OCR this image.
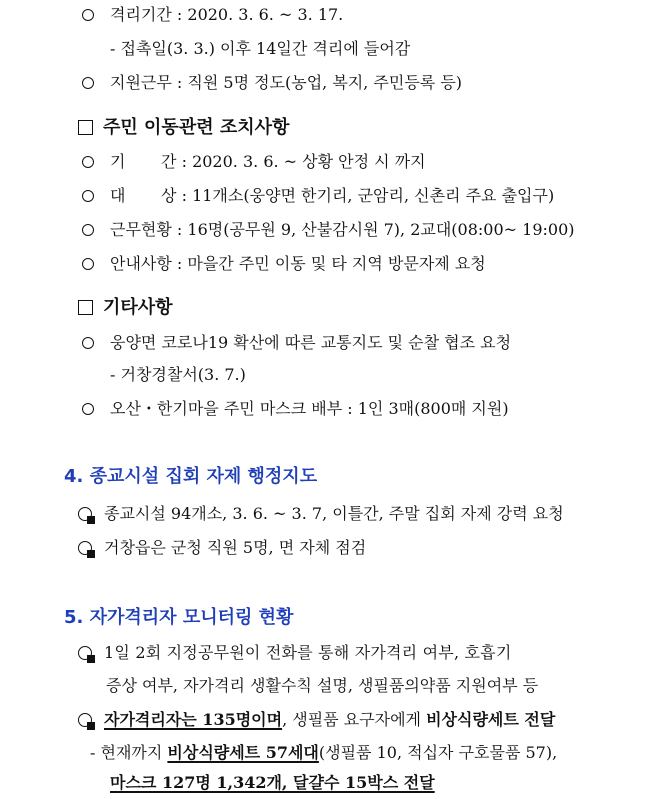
격리기간 : 2020. 3. 6. ~ 3. 17.
- 접촉일(3. 3.) 이후 14일간 격리에 들어감
지원근무 : 직원 5명 정도(농업, 복지, 주민등록 등)
주민 이동관련 조치사항
기       간 : 2020. 3. 6. ~ 상황 안정 시 까지
대       상 : 11개소(웅양면 한기리, 군암리, 신촌리 주요 출입구)
근무현황 : 16명(공무원 9, 산불감시원 7), 2교대(08:00~ 19:00)
안내사항 : 마을간 주민 이동 및 타 지역 방문자제 요청
기타사항
웅양면 코로나19 확산에 따른 교통지도 및 순찰 협조 요청
- 거창경찰서(3. 7.)
오산・한기마을 주민 마스크 배부 : 1인 3매(800매 지원)
4. 종교시설 집회 자제 행정지도
종교시설 94개소, 3. 6. ~ 3. 7, 이틀간, 주말 집회 자제 강력 요청
거창읍은 군청 직원 5명, 면 자체 점검
5. 자가격리자 모니터링 현황
1일 2회 지정공무원이 전화를 통해 자가격리 여부, 호흡기
증상 여부, 자가격리 생활수칙 설명, 생필품의약품 지원여부 등
자가격리자는 135명이며, 생필품 요구자에게 비상식량세트 전달
- 현재까지 비상식량세트 57세대(생필품 10, 적십자 구호물품 57),
마스크 127명 1,342개, 달걀수 15박스 전달
